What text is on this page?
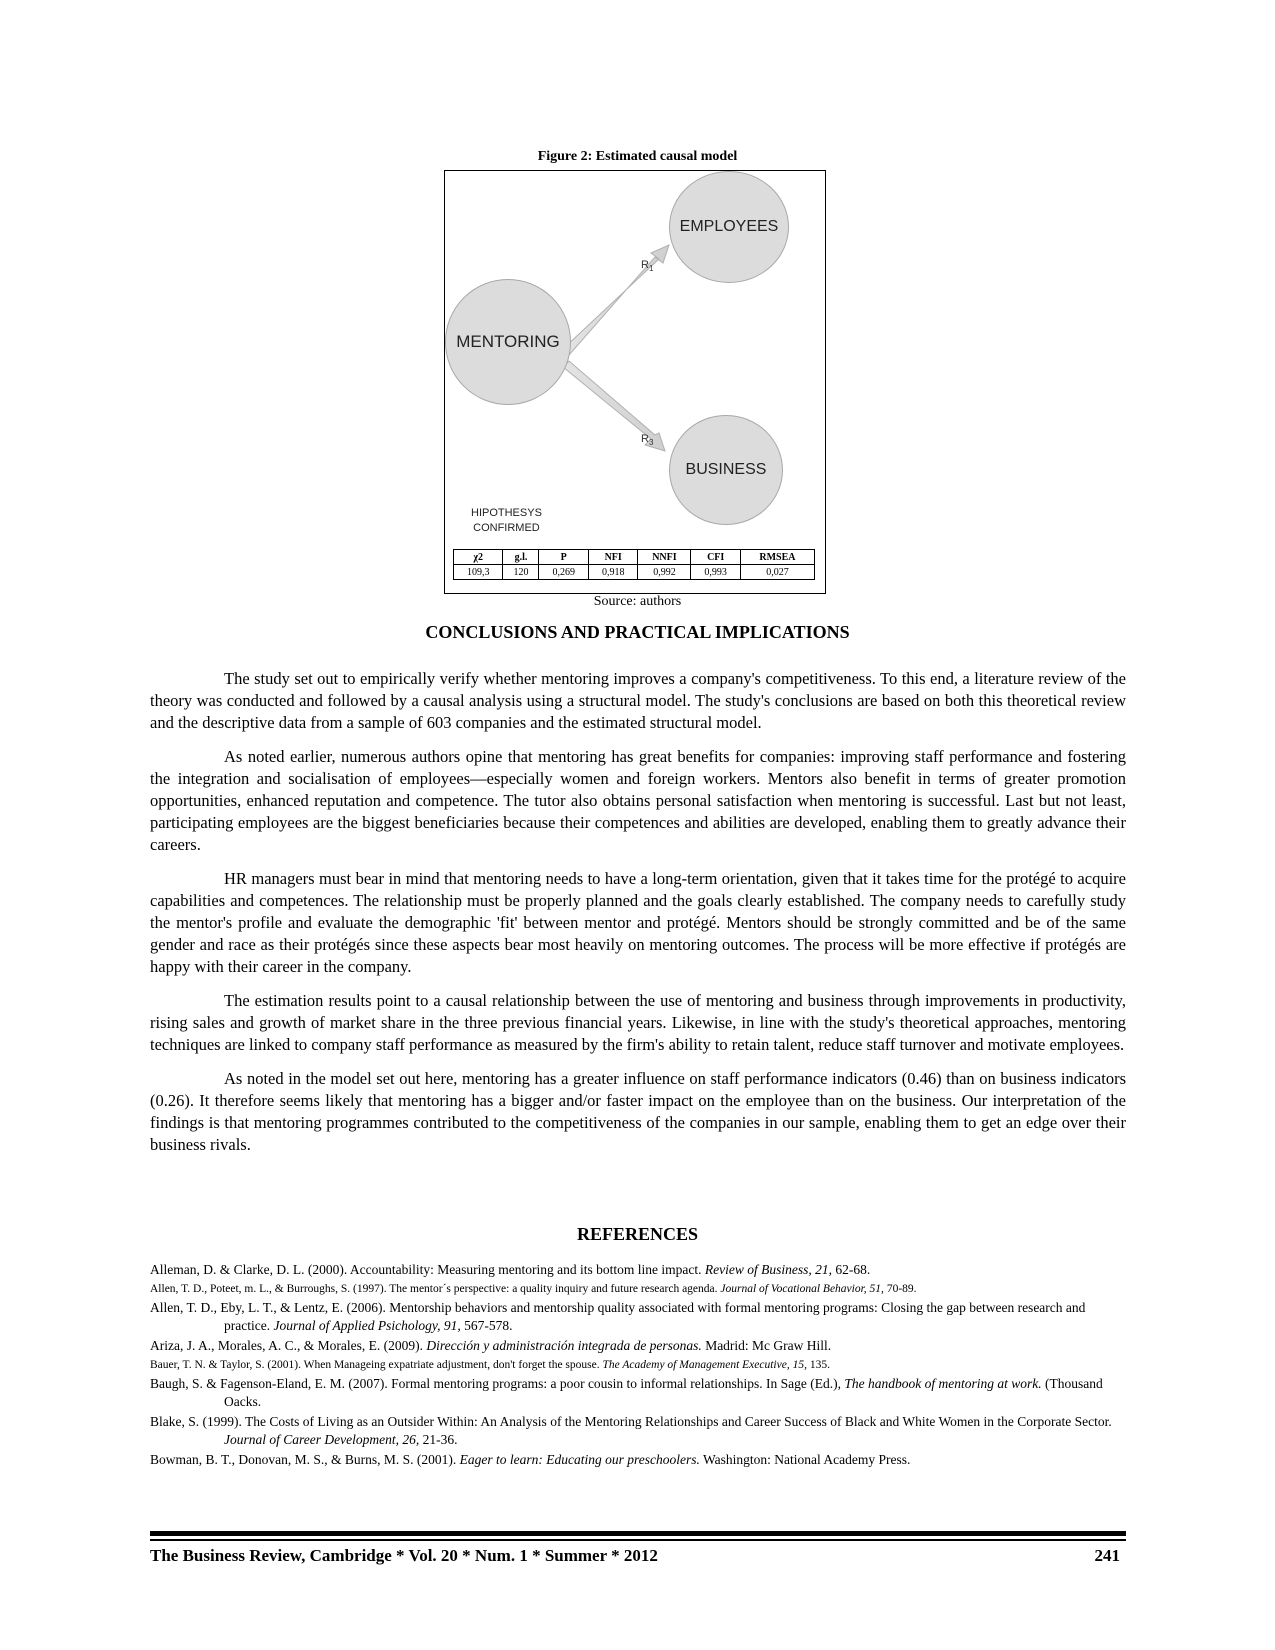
Figure 2: Estimated causal model
MENTORING
EMPLOYEES
BUSINESS
$R_1$
$R_3$
HIPOTHESYS
CONFIRMED
χ2	g.l.	P	NFI	NNFI	CFI	RMSEA
109,3	120	0,269	0,918	0,992	0,993	0,027
Source: authors
CONCLUSIONS AND PRACTICAL IMPLICATIONS

The study set out to empirically verify whether mentoring improves a company's competitiveness. To this end, a literature review of the theory was conducted and followed by a causal analysis using a structural model. The study's conclusions are based on both this theoretical review and the descriptive data from a sample of 603 companies and the estimated structural model.

As noted earlier, numerous authors opine that mentoring has great benefits for companies: improving staff performance and fostering the integration and socialisation of employees—especially women and foreign workers. Mentors also benefit in terms of greater promotion opportunities, enhanced reputation and competence. The tutor also obtains personal satisfaction when mentoring is successful. Last but not least, participating employees are the biggest beneficiaries because their competences and abilities are developed, enabling them to greatly advance their careers.

HR managers must bear in mind that mentoring needs to have a long-term orientation, given that it takes time for the protégé to acquire capabilities and competences. The relationship must be properly planned and the goals clearly established. The company needs to carefully study the mentor's profile and evaluate the demographic 'fit' between mentor and protégé. Mentors should be strongly committed and be of the same gender and race as their protégés since these aspects bear most heavily on mentoring outcomes. The process will be more effective if protégés are happy with their career in the company.

The estimation results point to a causal relationship between the use of mentoring and business through improvements in productivity, rising sales and growth of market share in the three previous financial years. Likewise, in line with the study's theoretical approaches, mentoring techniques are linked to company staff performance as measured by the firm's ability to retain talent, reduce staff turnover and motivate employees.

As noted in the model set out here, mentoring has a greater influence on staff performance indicators (0.46) than on business indicators (0.26). It therefore seems likely that mentoring has a bigger and/or faster impact on the employee than on the business. Our interpretation of the findings is that mentoring programmes contributed to the competitiveness of the companies in our sample, enabling them to get an edge over their business rivals.

REFERENCES
Alleman, D. & Clarke, D. L. (2000). Accountability: Measuring mentoring and its bottom line impact. Review of Business, 21, 62-68.
Allen, T. D., Poteet, m. L., & Burroughs, S. (1997). The mentor´s perspective: a quality inquiry and future research agenda. Journal of Vocational Behavior, 51, 70-89.
Allen, T. D., Eby, L. T., & Lentz, E. (2006). Mentorship behaviors and mentorship quality associated with formal mentoring programs: Closing the gap between research and practice. Journal of Applied Psichology, 91, 567-578.
Ariza, J. A., Morales, A. C., & Morales, E. (2009). Dirección y administración integrada de personas. Madrid: Mc Graw Hill.
Bauer, T. N. & Taylor, S. (2001). When Manageing expatriate adjustment, don't forget the spouse. The Academy of Management Executive, 15, 135.
Baugh, S. & Fagenson-Eland, E. M. (2007). Formal mentoring programs: a poor cousin to informal relationships. In Sage (Ed.), The handbook of mentoring at work. (Thousand Oacks.
Blake, S. (1999). The Costs of Living as an Outsider Within: An Analysis of the Mentoring Relationships and Career Success of Black and White Women in the Corporate Sector. Journal of Career Development, 26, 21-36.
Bowman, B. T., Donovan, M. S., & Burns, M. S. (2001). Eager to learn: Educating our preschoolers. Washington: National Academy Press.
The Business Review, Cambridge * Vol. 20 * Num. 1 * Summer * 2012	241
